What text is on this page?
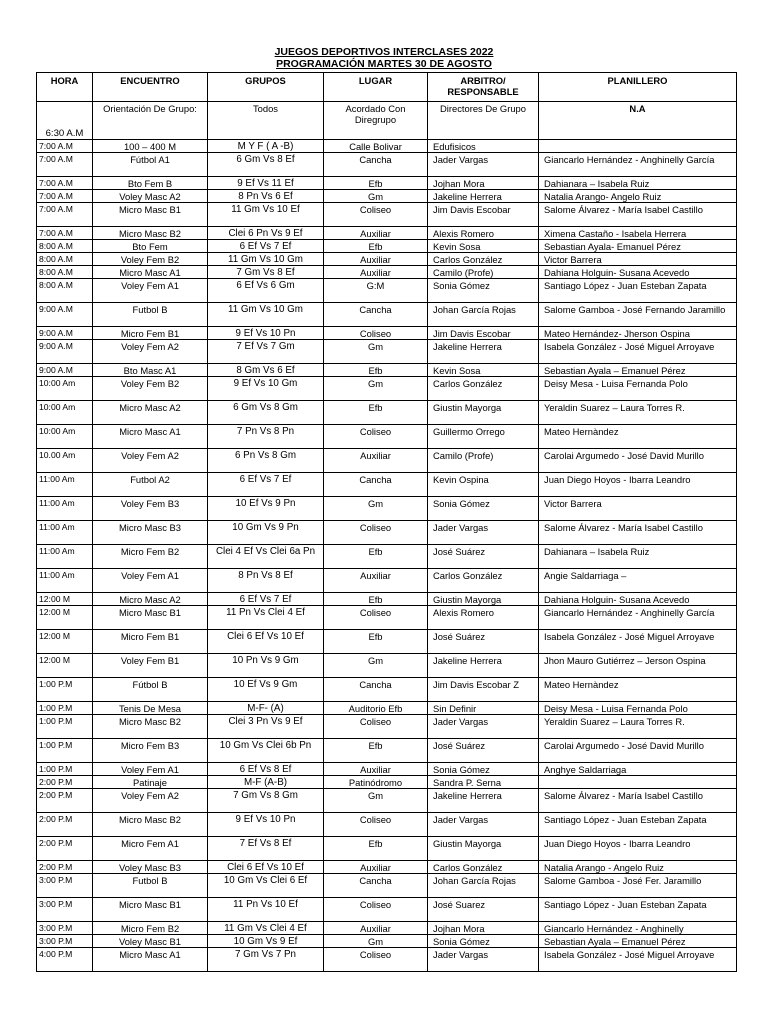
JUEGOS DEPORTIVOS INTERCLASES 2022
PROGRAMACIÓN MARTES 30 DE AGOSTO
HORA	ENCUENTRO	GRUPOS	LUGAR	ARBITRO/ RESPONSABLE	PLANILLERO
6:30 A.M	Orientación De Grupo:	Todos	Acordado Con Diregrupo	Directores De Grupo	N.A
7:00 A.M	100 – 400 M	M Y F ( A -B)	Calle Bolivar	Edufisicos	
7:00 A.M	Fútbol A1	6 Gm Vs 8 Ef	Cancha	Jader Vargas	Giancarlo Hernández - Anghinelly García
7:00 A.M	Bto Fem B	9 Ef Vs 11 Ef	Efb	Jojhan Mora	Dahianara – Isabela Ruiz
7:00 A.M	Voley Masc A2	8 Pn Vs 6 Ef	Gm	Jakeline Herrera	Natalia Arango- Angelo Ruiz
7:00 A.M	Micro Masc B1	11 Gm Vs 10 Ef	Coliseo	Jim Davis Escobar	Salome Álvarez - María Isabel Castillo
7:00 A.M	Micro Masc B2	Clei 6 Pn Vs 9 Ef	Auxiliar	Alexis Romero	Ximena Castaño - Isabela Herrera
8:00 A.M	Bto Fem	6 Ef Vs 7 Ef	Efb	Kevin Sosa	Sebastian Ayala- Emanuel Pérez
8:00 A.M	Voley Fem B2	11 Gm Vs 10 Gm	Auxiliar	Carlos González	Victor Barrera
8:00 A.M	Micro Masc A1	7 Gm Vs 8 Ef	Auxiliar	Camilo (Profe)	Dahiana Holguin- Susana Acevedo
8:00 A.M	Voley Fem A1	6 Ef Vs 6 Gm	G:M	Sonia Gómez	Santiago López - Juan Esteban Zapata
9:00 A.M	Futbol B	11 Gm Vs 10 Gm	Cancha	Johan García Rojas	Salome Gamboa - José Fernando Jaramillo
9:00 A.M	Micro Fem B1	9 Ef Vs 10 Pn	Coliseo	Jim Davis Escobar	Mateo Hernández- Jherson Ospina
9:00 A.M	Voley Fem A2	7 Ef Vs 7 Gm	Gm	Jakeline Herrera	Isabela González - José Miguel Arroyave
9:00 A.M	Bto Masc A1	8 Gm Vs 6 Ef	Efb	Kevin Sosa	Sebastian Ayala – Emanuel Pérez
10:00 Am	Voley Fem B2	9 Ef Vs 10 Gm	Gm	Carlos González	Deisy Mesa - Luisa Fernanda Polo
10:00 Am	Micro Masc A2	6 Gm Vs 8 Gm	Efb	Giustin Mayorga	Yeraldin Suarez – Laura Torres R.
10:00 Am	Micro Masc A1	7 Pn Vs 8 Pn	Coliseo	Guillermo Orrego	Mateo Hernàndez
10.00 Am	Voley Fem A2	6 Pn Vs 8 Gm	Auxiliar	Camilo (Profe)	Carolai Argumedo - José David Murillo
11:00 Am	Futbol A2	6 Ef Vs 7 Ef	Cancha	Kevin Ospina	Juan Diego Hoyos - Ibarra Leandro
11:00 Am	Voley Fem B3	10 Ef Vs 9 Pn	Gm	Sonia Gómez	Victor Barrera
11:00 Am	Micro Masc B3	10 Gm Vs 9 Pn	Coliseo	Jader Vargas	Salome Álvarez - María Isabel Castillo
11:00 Am	Micro Fem B2	Clei 4 Ef Vs Clei 6a Pn	Efb	José Suárez	Dahianara – Isabela Ruiz
11:00 Am	Voley Fem A1	8 Pn Vs 8 Ef	Auxiliar	Carlos González	Angie Saldarriaga –
12:00 M	Micro Masc A2	6 Ef Vs 7 Ef	Efb	Giustin Mayorga	Dahiana Holguin- Susana Acevedo
12:00 M	Micro Masc B1	11 Pn Vs Clei 4 Ef	Coliseo	Alexis Romero	Giancarlo Hernández - Anghinelly García
12:00 M	Micro Fem B1	Clei 6 Ef Vs 10 Ef	Efb	José Suárez	Isabela González - José Miguel Arroyave
12:00 M	Voley Fem B1	10 Pn Vs 9 Gm	Gm	Jakeline Herrera	Jhon Mauro Gutiérrez – Jerson Ospina
1:00 P.M	Fútbol B	10 Ef Vs 9 Gm	Cancha	Jim Davis Escobar Z	Mateo Hernàndez
1:00 P.M	Tenis De Mesa	M-F- (A)	Auditorio Efb	Sin Definir	Deisy Mesa - Luisa Fernanda Polo
1:00 P.M	Micro Masc B2	Clei 3 Pn Vs 9 Ef	Coliseo	Jader Vargas	Yeraldin Suarez – Laura Torres R.
1:00 P.M	Micro Fem B3	10 Gm Vs Clei 6b Pn	Efb	José Suárez	Carolai Argumedo - José David Murillo
1:00 P.M	Voley Fem A1	6 Ef Vs 8 Ef	Auxiliar	Sonia Gómez	Anghye Saldarriaga
2:00 P.M	Patinaje	M-F (A-B)	Patinódromo	Sandra P. Serna	
2:00 P.M	Voley Fem A2	7 Gm Vs 8 Gm	Gm	Jakeline Herrera	Salome Álvarez - María Isabel Castillo
2:00 P.M	Micro Masc B2	9 Ef Vs 10 Pn	Coliseo	Jader Vargas	Santiago López - Juan Esteban Zapata
2:00 P.M	Micro Fem A1	7 Ef Vs 8 Ef	Efb	Giustin Mayorga	Juan Diego Hoyos - Ibarra Leandro
2:00 P.M	Voley Masc B3	Clei 6 Ef Vs 10 Ef	Auxiliar	Carlos González	Natalia Arango - Angelo Ruiz
3:00 P.M	Futbol B	10 Gm Vs Clei 6 Ef	Cancha	Johan García Rojas	Salome Gamboa - José Fer. Jaramillo
3:00 P.M	Micro Masc B1	11 Pn Vs 10 Ef	Coliseo	José Suarez	Santiago López - Juan Esteban Zapata
3:00 P.M	Micro Fem B2	11 Gm Vs Clei 4 Ef	Auxiliar	Jojhan Mora	Giancarlo Hernández - Anghinelly
3:00 P.M	Voley Masc B1	10 Gm Vs 9 Ef	Gm	Sonia Gómez	Sebastian Ayala – Emanuel Pérez
4:00 P.M	Micro Masc A1	7 Gm Vs 7 Pn	Coliseo	Jader Vargas	Isabela González - José Miguel Arroyave
